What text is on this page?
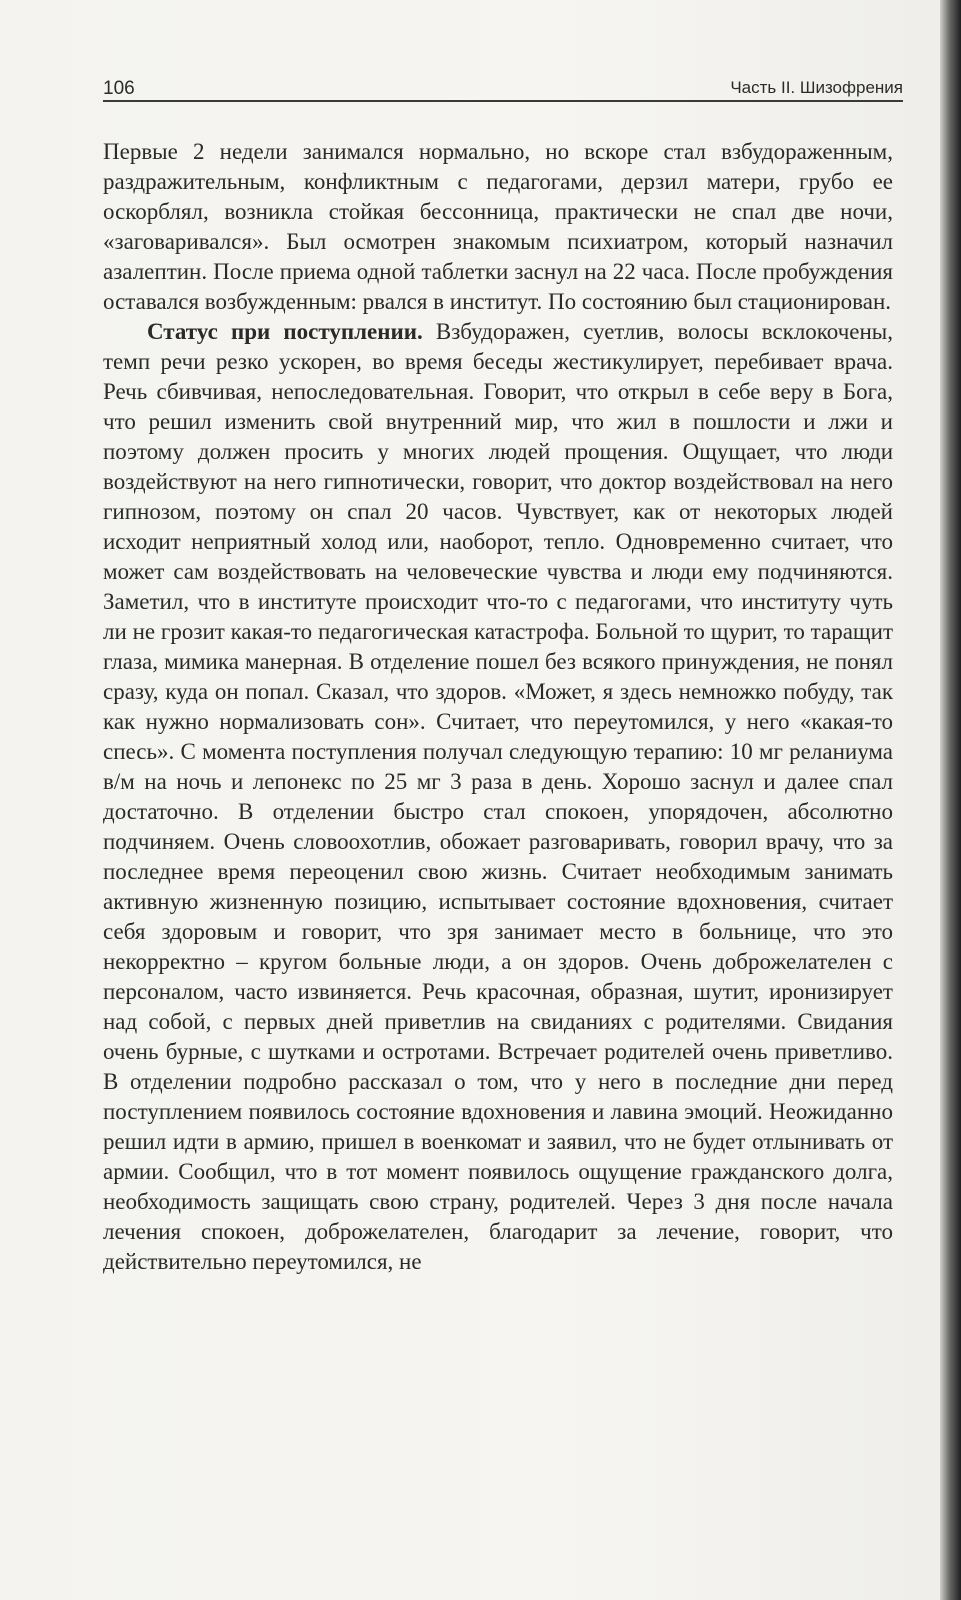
106	Часть II. Шизофрения

Первые 2 недели занимался нормально, но вскоре стал взбудораженным, раздражительным, конфликтным с педагогами, дерзил матери, грубо ее оскорблял, возникла стойкая бессонница, практически не спал две ночи, «заговаривался». Был осмотрен знакомым психиатром, который назначил азалептин. После приема одной таблетки заснул на 22 часа. После пробуждения оставался возбужденным: рвался в институт. По состоянию был стационирован.

Статус при поступлении. Взбудоражен, суетлив, волосы всклокочены, темп речи резко ускорен, во время беседы жестикулирует, перебивает врача. Речь сбивчивая, непоследовательная. Говорит, что открыл в себе веру в Бога, что решил изменить свой внутренний мир, что жил в пошлости и лжи и поэтому должен просить у многих людей прощения. Ощущает, что люди воздействуют на него гипнотически, говорит, что доктор воздействовал на него гипнозом, поэтому он спал 20 часов. Чувствует, как от некоторых людей исходит неприятный холод или, наоборот, тепло. Одновременно считает, что может сам воздействовать на человеческие чувства и люди ему подчиняются. Заметил, что в институте происходит что-то с педагогами, что институту чуть ли не грозит какая-то педагогическая катастрофа. Больной то щурит, то таращит глаза, мимика манерная. В отделение пошел без всякого принуждения, не понял сразу, куда он попал. Сказал, что здоров. «Может, я здесь немножко побуду, так как нужно нормализовать сон». Считает, что переутомился, у него «какая-то спесь». С момента поступления получал следующую терапию: 10 мг реланиума в/м на ночь и лепонекс по 25 мг 3 раза в день. Хорошо заснул и далее спал достаточно. В отделении быстро стал спокоен, упорядочен, абсолютно подчиняем. Очень словоохотлив, обожает разговаривать, говорил врачу, что за последнее время переоценил свою жизнь. Считает необходимым занимать активную жизненную позицию, испытывает состояние вдохновения, считает себя здоровым и говорит, что зря занимает место в больнице, что это некорректно – кругом больные люди, а он здоров. Очень доброжелателен с персоналом, часто извиняется. Речь красочная, образная, шутит, иронизирует над собой, с первых дней приветлив на свиданиях с родителями. Свидания очень бурные, с шутками и остротами. Встречает родителей очень приветливо. В отделении подробно рассказал о том, что у него в последние дни перед поступлением появилось состояние вдохновения и лавина эмоций. Неожиданно решил идти в армию, пришел в военкомат и заявил, что не будет отлынивать от армии. Сообщил, что в тот момент появилось ощущение гражданского долга, необходимость защищать свою страну, родителей. Через 3 дня после начала лечения спокоен, доброжелателен, благодарит за лечение, говорит, что действительно переутомился, не
